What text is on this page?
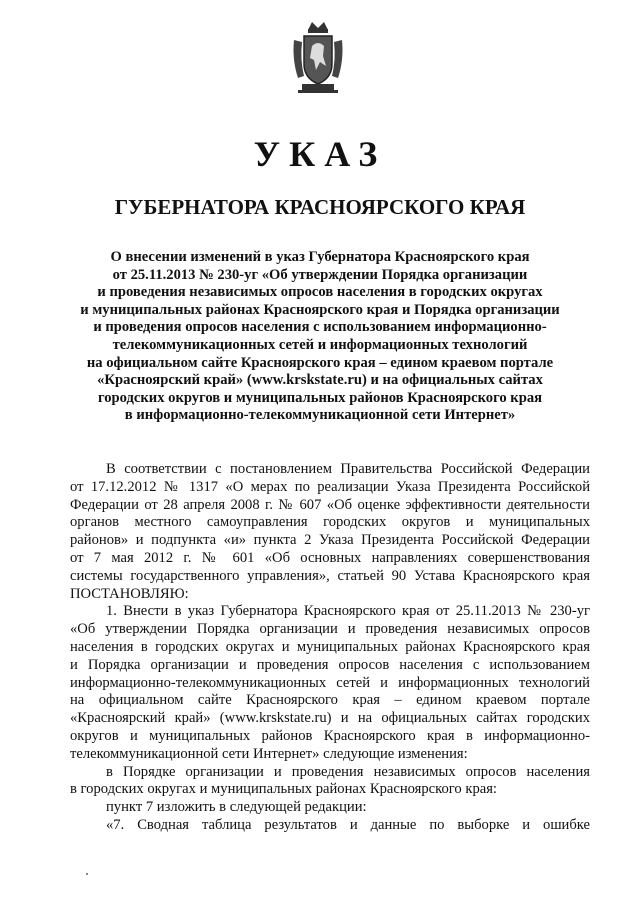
УКАЗ
ГУБЕРНАТОРА КРАСНОЯРСКОГО КРАЯ
О внесении изменений в указ Губернатора Красноярского края
от 25.11.2013 № 230-уг «Об утверждении Порядка организации
и проведения независимых опросов населения в городских округах
и муниципальных районах Красноярского края и Порядка организации
и проведения опросов населения с использованием информационно-
телекоммуникационных сетей и информационных технологий
на официальном сайте Красноярского края – едином краевом портале
«Красноярский край» (www.krskstate.ru) и на официальных сайтах
городских округов и муниципальных районов Красноярского края
в информационно-телекоммуникационной сети Интернет»
В соответствии с постановлением Правительства Российской Федерации
от 17.12.2012 № 1317 «О мерах по реализации Указа Президента Российской
Федерации от 28 апреля 2008 г. № 607 «Об оценке эффективности деятельности
органов местного самоуправления городских округов и муниципальных
районов» и подпункта «и» пункта 2 Указа Президента Российской Федерации
от 7 мая 2012 г. № 601 «Об основных направлениях совершенствования
системы государственного управления», статьей 90 Устава Красноярского края
ПОСТАНОВЛЯЮ:
1. Внести в указ Губернатора Красноярского края от 25.11.2013 № 230-уг
«Об утверждении Порядка организации и проведения независимых опросов
населения в городских округах и муниципальных районах Красноярского края
и Порядка организации и проведения опросов населения с использованием
информационно-телекоммуникационных сетей и информационных технологий
на официальном сайте Красноярского края – едином краевом портале
«Красноярский край» (www.krskstate.ru) и на официальных сайтах городских
округов и муниципальных районов Красноярского края в информационно-
телекоммуникационной сети Интернет» следующие изменения:
в Порядке организации и проведения независимых опросов населения
в городских округах и муниципальных районах Красноярского края:
пункт 7 изложить в следующей редакции:
«7. Сводная таблица результатов и данные по выборке и ошибке
